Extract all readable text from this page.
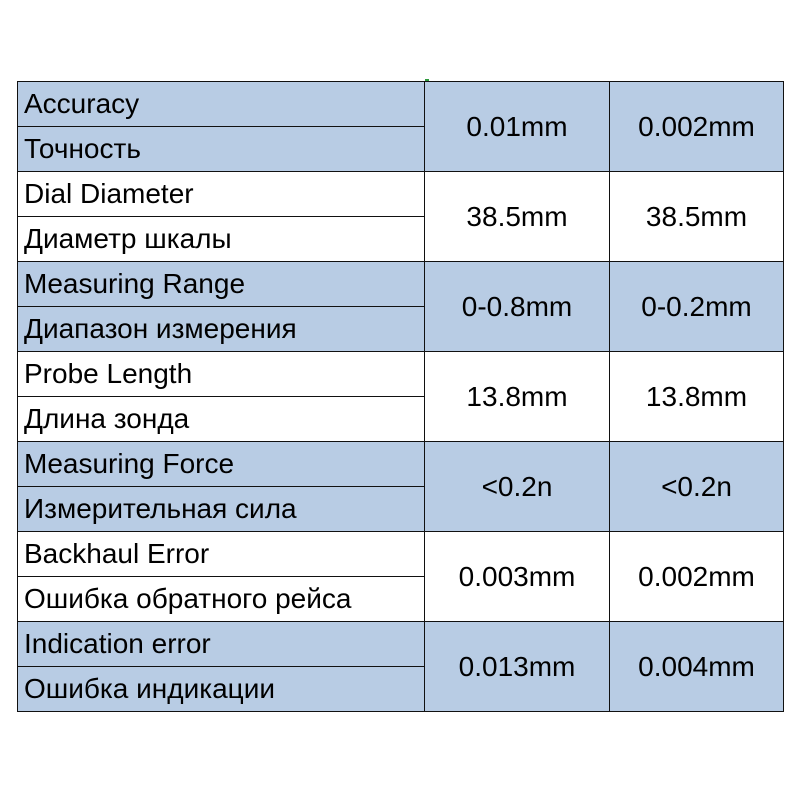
Accuracy	0.01mm	0.002mm
Точность		
Dial Diameter	38.5mm	38.5mm
Диаметр шкалы		
Measuring Range	0-0.8mm	0-0.2mm
Диапазон измерения		
Probe Length	13.8mm	13.8mm
Длина зонда		
Measuring Force	<0.2n	<0.2n
Измерительная сила		
Backhaul Error	0.003mm	0.002mm
Ошибка обратного рейса		
Indication error	0.013mm	0.004mm
Ошибка индикации		
